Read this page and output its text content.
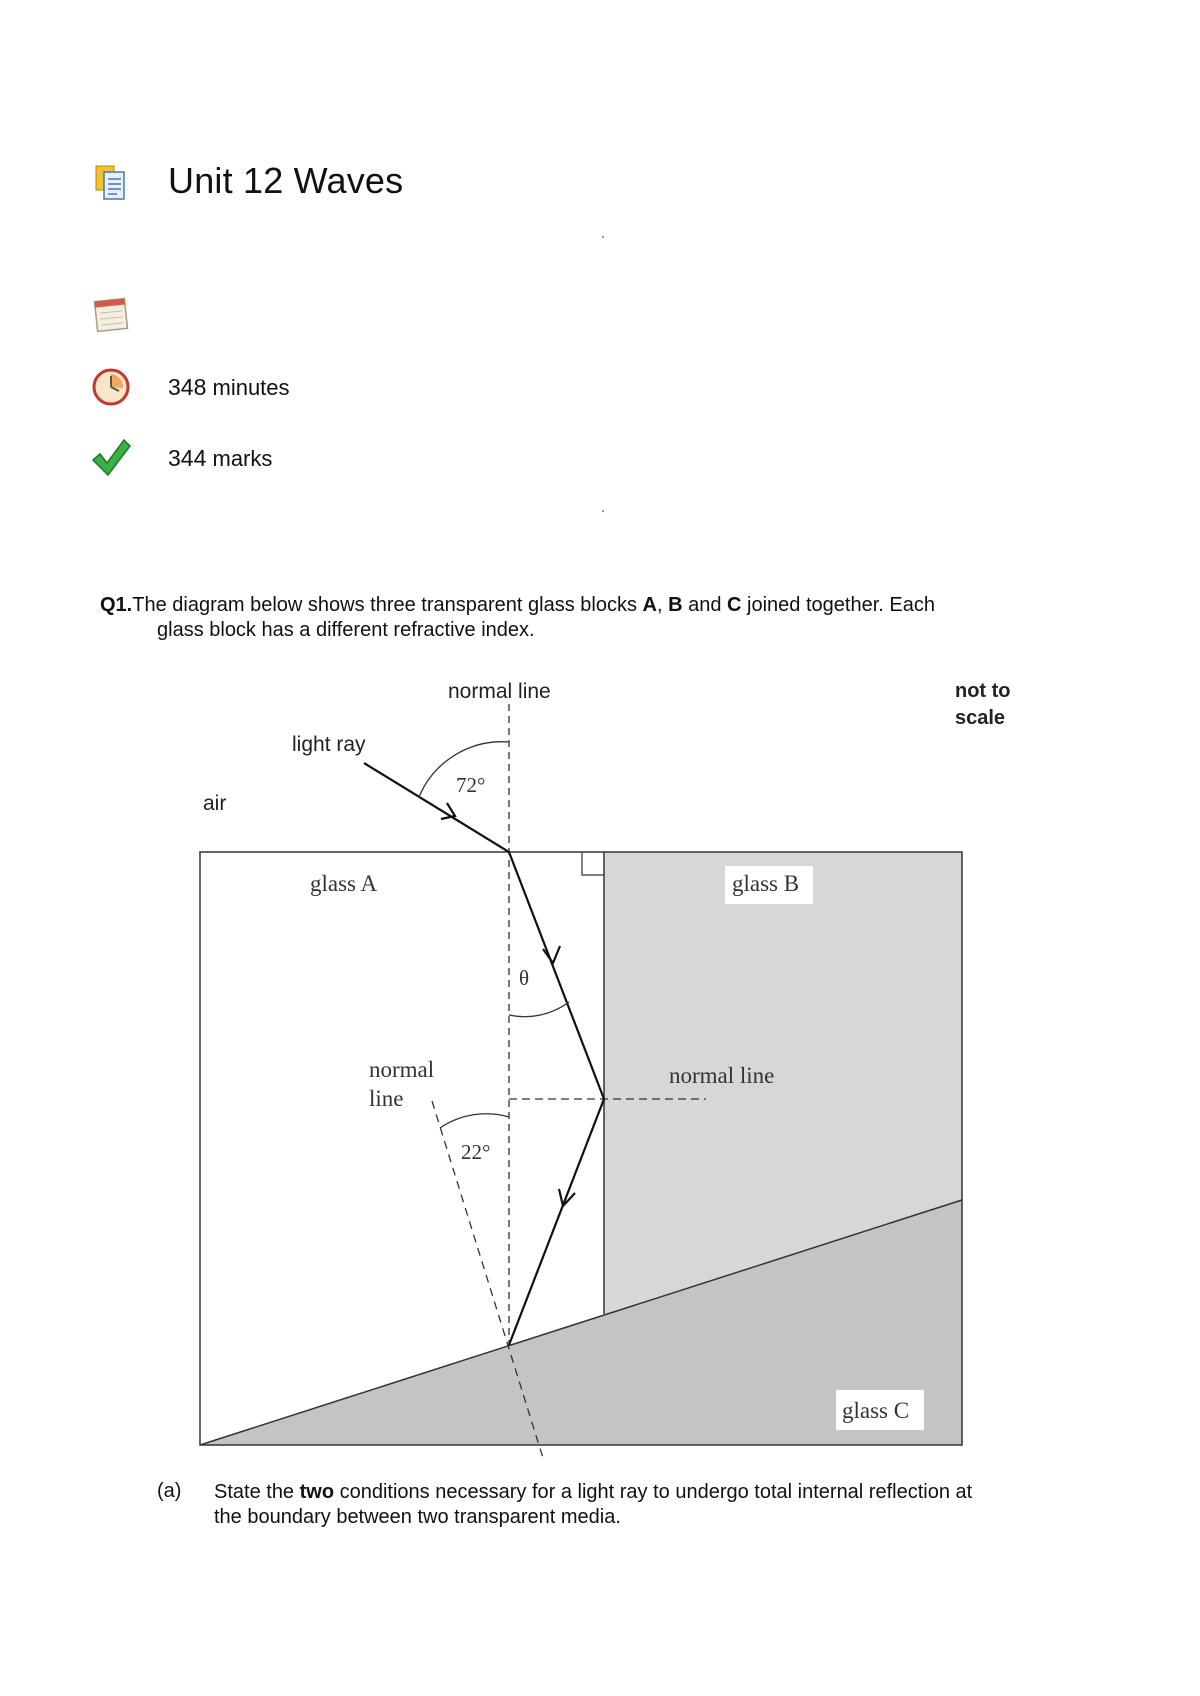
Unit 12 Waves
348 minutes
344 marks
Q1.The diagram below shows three transparent glass blocks A, B and C joined together. Each
glass block has a different refractive index.
normal line	not to
scale
light ray
72°
air
glass A	glass B
θ
normal
line
normal line
22°
glass C
(a) State the two conditions necessary for a light ray to undergo total internal reflection at
the boundary between two transparent media.
